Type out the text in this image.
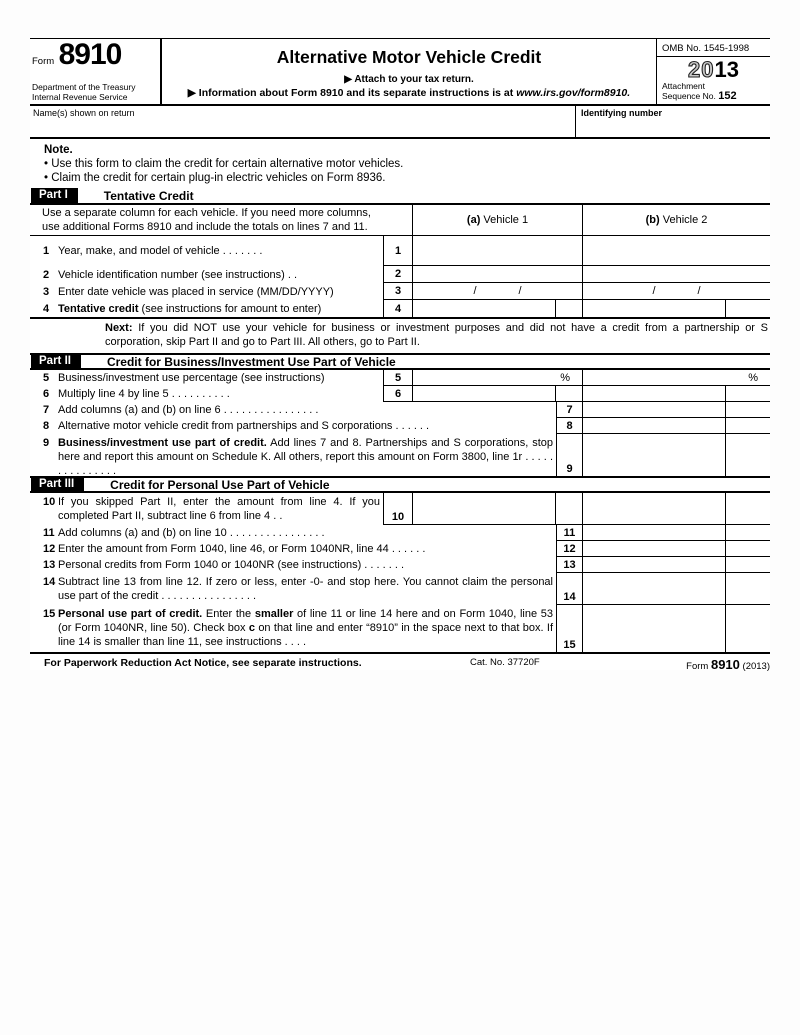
Form 8910
Department of the Treasury
Internal Revenue Service
Alternative Motor Vehicle Credit
▶ Attach to your tax return.
▶ Information about Form 8910 and its separate instructions is at www.irs.gov/form8910.
OMB No. 1545-1998
2013
Attachment
Sequence No. 152
Name(s) shown on return	Identifying number
Note.
• Use this form to claim the credit for certain alternative motor vehicles.
• Claim the credit for certain plug-in electric vehicles on Form 8936.
Part I	Tentative Credit
Use a separate column for each vehicle. If you need more columns,
use additional Forms 8910 and include the totals on lines 7 and 11.
(a) Vehicle 1	(b) Vehicle 2
1 Year, make, and model of vehicle . . . . . . .	1
2 Vehicle identification number (see instructions) . .	2
3 Enter date vehicle was placed in service (MM/DD/YYYY)	3	/	/	/	/
4 Tentative credit (see instructions for amount to enter)	4
Next: If you did NOT use your vehicle for business or investment purposes and did not have a credit from a partnership or S corporation, skip Part II and go to Part III. All others, go to Part II.
Part II	Credit for Business/Investment Use Part of Vehicle
5 Business/investment use percentage (see instructions)	5	%	%
6 Multiply line 4 by line 5 . . . . . . . . . .	6
7 Add columns (a) and (b) on line 6 . . . . . . . . . . . . . . . .	7
8 Alternative motor vehicle credit from partnerships and S corporations . . . . . .	8
9 Business/investment use part of credit. Add lines 7 and 8. Partnerships and S corporations, stop here and report this amount on Schedule K. All others, report this amount on Form 3800, line 1r . . . . . . . . . . . . . . .	9
Part III	Credit for Personal Use Part of Vehicle
10 If you skipped Part II, enter the amount from line 4. If you completed Part II, subtract line 6 from line 4 . .	10
11 Add columns (a) and (b) on line 10 . . . . . . . . . . . . . . . .	11
12 Enter the amount from Form 1040, line 46, or Form 1040NR, line 44 . . . . . .	12
13 Personal credits from Form 1040 or 1040NR (see instructions) . . . . . . .	13
14 Subtract line 13 from line 12. If zero or less, enter -0- and stop here. You cannot claim the personal use part of the credit . . . . . . . . . . . . . . . .	14
15 Personal use part of credit. Enter the smaller of line 11 or line 14 here and on Form 1040, line 53 (or Form 1040NR, line 50). Check box c on that line and enter “8910” in the space next to that box. If line 14 is smaller than line 11, see instructions . . . .	15
For Paperwork Reduction Act Notice, see separate instructions.	Cat. No. 37720F	Form 8910 (2013)
